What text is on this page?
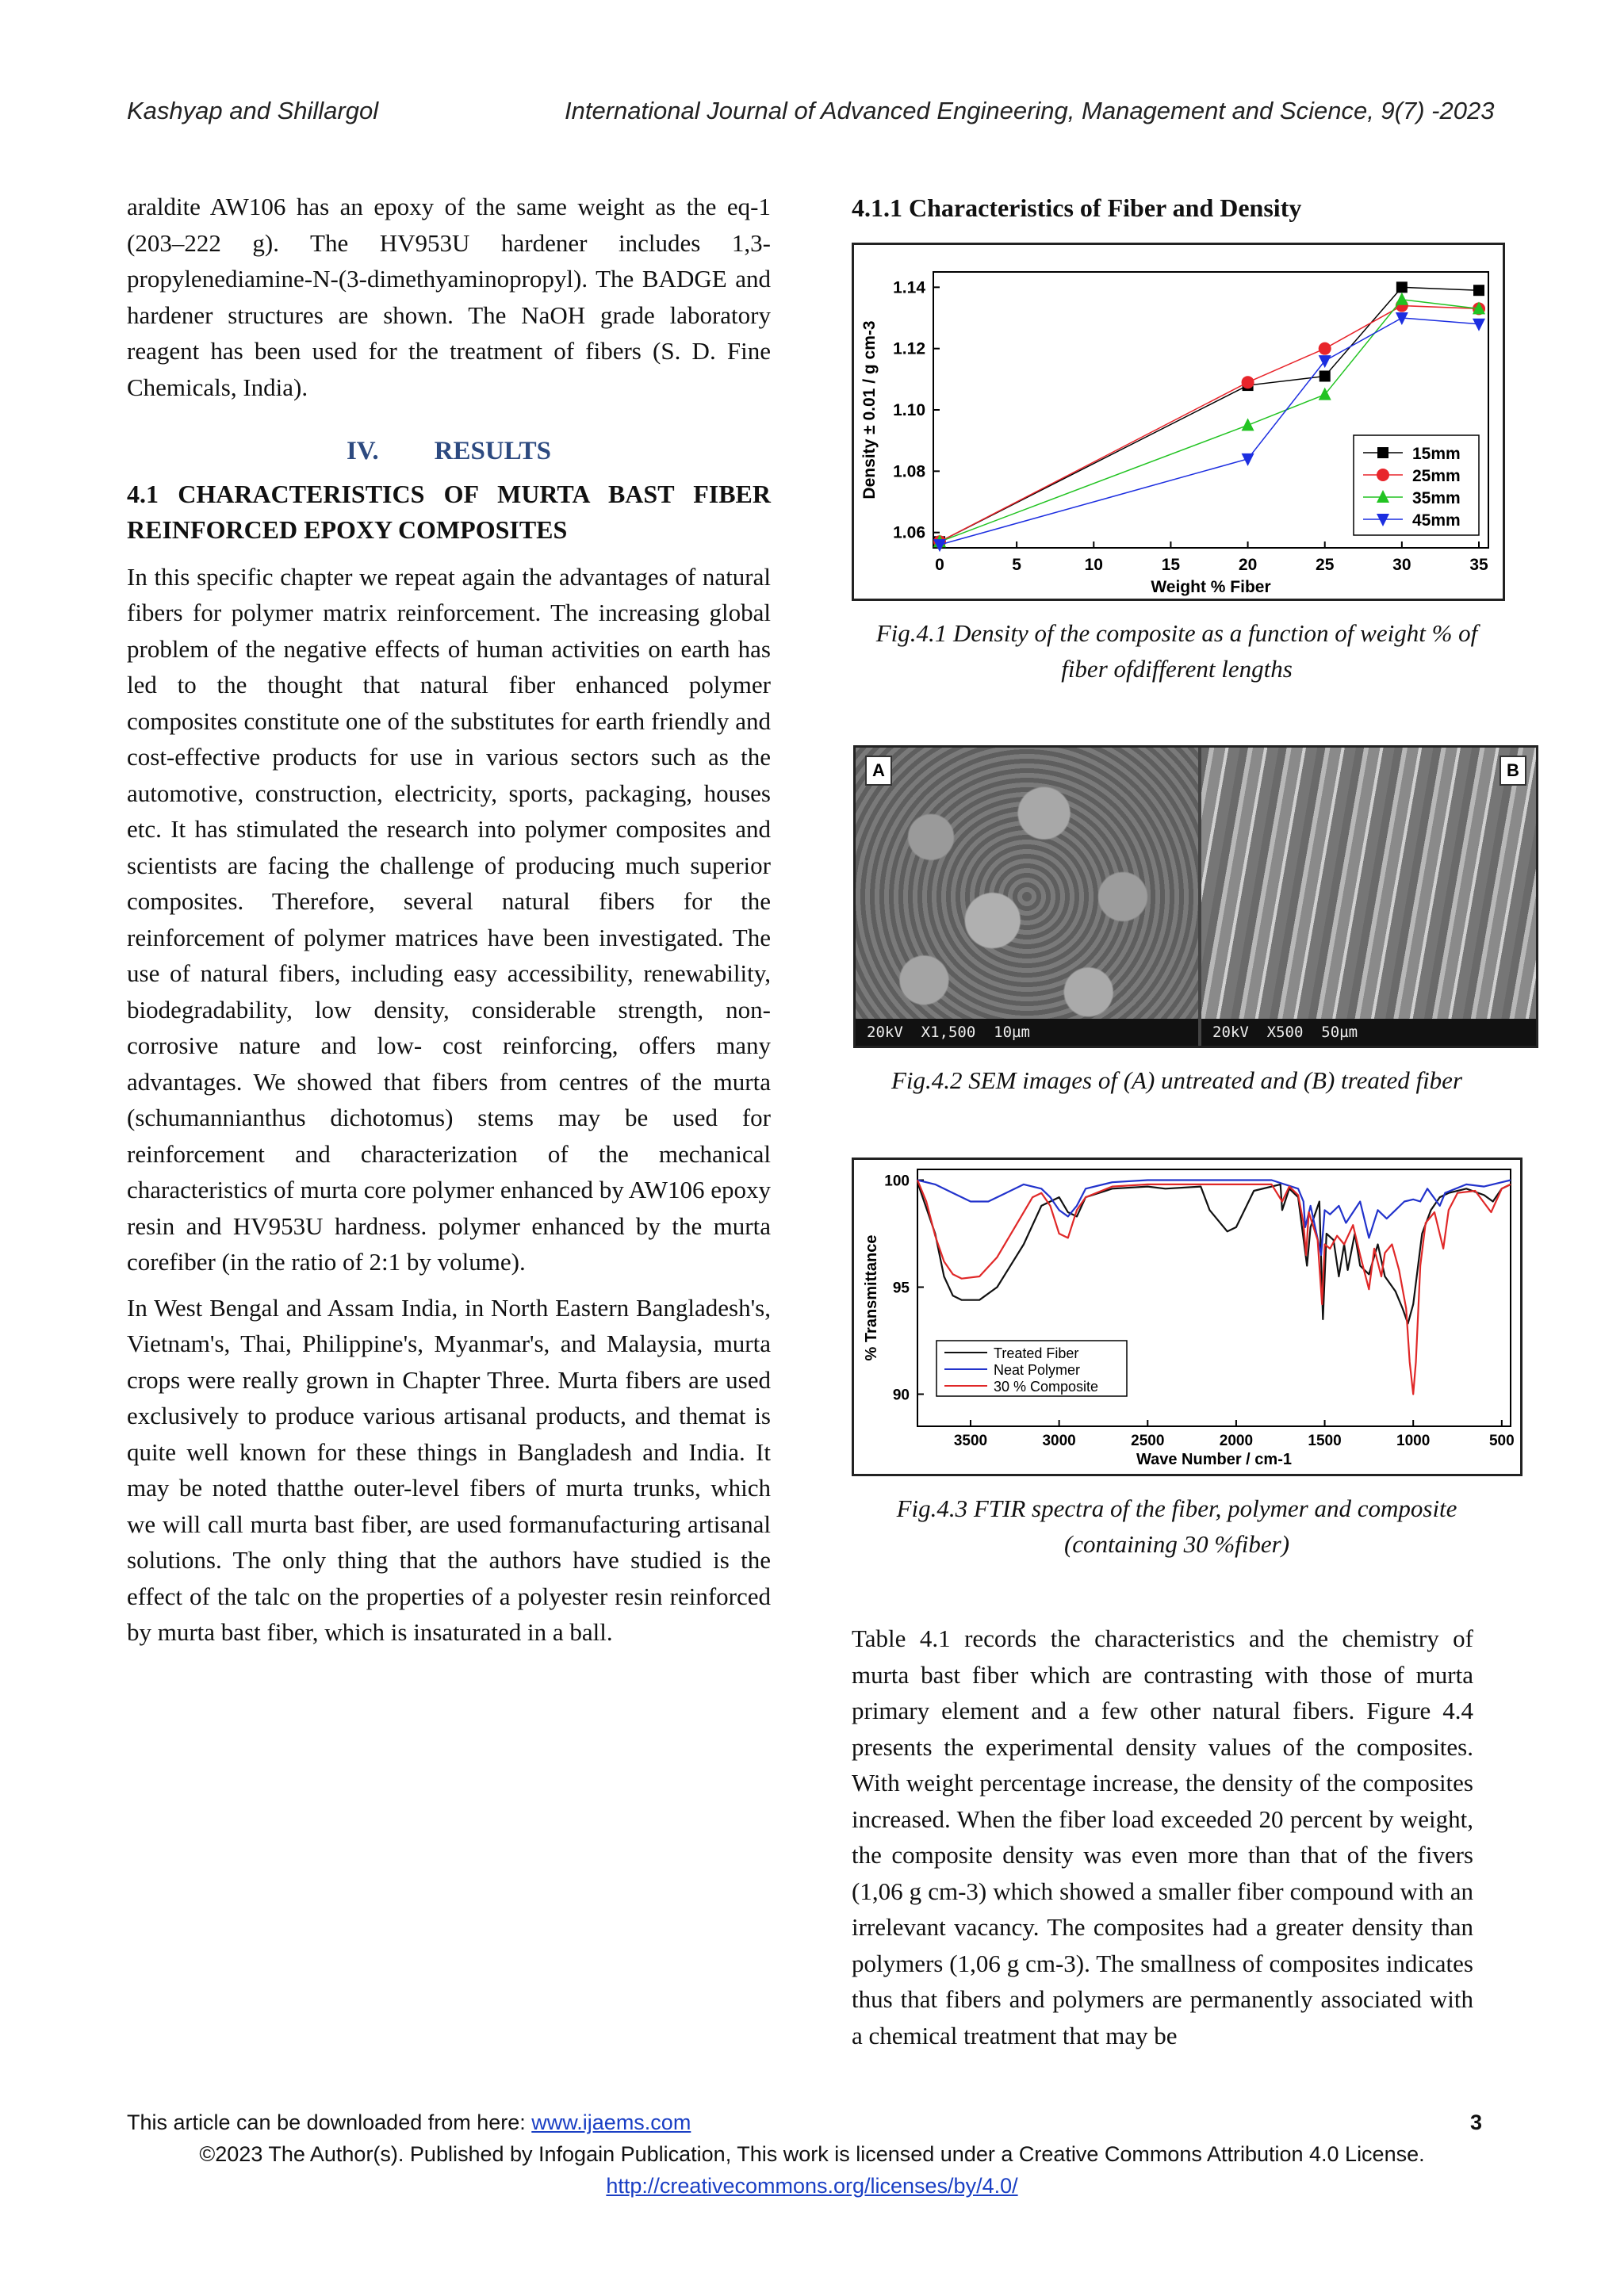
Kashyap and Shillargol	International Journal of Advanced Engineering, Management and Science, 9(7) -2023

araldite AW106 has an epoxy of the same weight as the eq-1 (203–222 g). The HV953U hardener includes 1,3-propylenediamine-N-(3-dimethyaminopropyl). The BADGE and hardener structures are shown. The NaOH grade laboratory reagent has been used for the treatment of fibers (S. D. Fine Chemicals, India).

IV. RESULTS
4.1 CHARACTERISTICS OF MURTA BAST FIBER REINFORCED EPOXY COMPOSITES

In this specific chapter we repeat again the advantages of natural fibers for polymer matrix reinforcement. The increasing global problem of the negative effects of human activities on earth has led to the thought that natural fiber enhanced polymer composites constitute one of the substitutes for earth friendly and cost-effective products for use in various sectors such as the automotive, construction, electricity, sports, packaging, houses etc. It has stimulated the research into polymer composites and scientists are facing the challenge of producing much superior composites. Therefore, several natural fibers for the reinforcement of polymer matrices have been investigated. The use of natural fibers, including easy accessibility, renewability, biodegradability, low density, considerable strength, non-corrosive nature and low- cost reinforcing, offers many advantages. We showed that fibers from centres of the murta (schumannianthus dichotomus) stems may be used for reinforcement and characterization of the mechanical characteristics of murta core polymer enhanced by AW106 epoxy resin and HV953U hardness. polymer enhanced by the murta corefiber (in the ratio of 2:1 by volume).

In West Bengal and Assam India, in North Eastern Bangladesh's, Vietnam's, Thai, Philippine's, Myanmar's, and Malaysia, murta crops were really grown in Chapter Three. Murta fibers are used exclusively to produce various artisanal products, and themat is quite well known for these things in Bangladesh and India. It may be noted thatthe outer-level fibers of murta trunks, which we will call murta bast fiber, are used formanufacturing artisanal solutions. The only thing that the authors have studied is the effect of the talc on the properties of a polyester resin reinforced by murta bast fiber, which is insaturated in a ball.

4.1.1 Characteristics of Fiber and Density
0	5	10	15	20	25	30	35
1.06
1.08
1.10
1.12
1.14
Weight % Fiber
Density ± 0.01 / g cm-3	15mm
25mm
35mm
45mm
Fig.4.1 Density of the composite as a function of weight % of fiber ofdifferent lengths
A
20kV  X1,500  10µm
B
20kV  X500  50µm
Fig.4.2 SEM images of (A) untreated and (B) treated fiber
3500	3000	2500	2000	1500	1000	500
90
95
100
Wave Number / cm-1
% Transmittance	Treated Fiber
Neat Polymer
30 % Composite
Fig.4.3 FTIR spectra of the fiber, polymer and composite (containing 30 %fiber)

Table 4.1 records the characteristics and the chemistry of murta bast fiber which are contrasting with those of murta primary element and a few other natural fibers. Figure 4.4 presents the experimental density values of the composites. With weight percentage increase, the density of the composites increased. When the fiber load exceeded 20 percent by weight, the composite density was even more than that of the fivers (1,06 g cm-3) which showed a smaller fiber compound with an irrelevant vacancy. The composites had a greater density than polymers (1,06 g cm-3). The smallness of composites indicates thus that fibers and polymers are permanently associated with a chemical treatment that may be

This article can be downloaded from here: www.ijaems.com	3
©2023 The Author(s). Published by Infogain Publication, This work is licensed under a Creative Commons Attribution 4.0 License.
http://creativecommons.org/licenses/by/4.0/
